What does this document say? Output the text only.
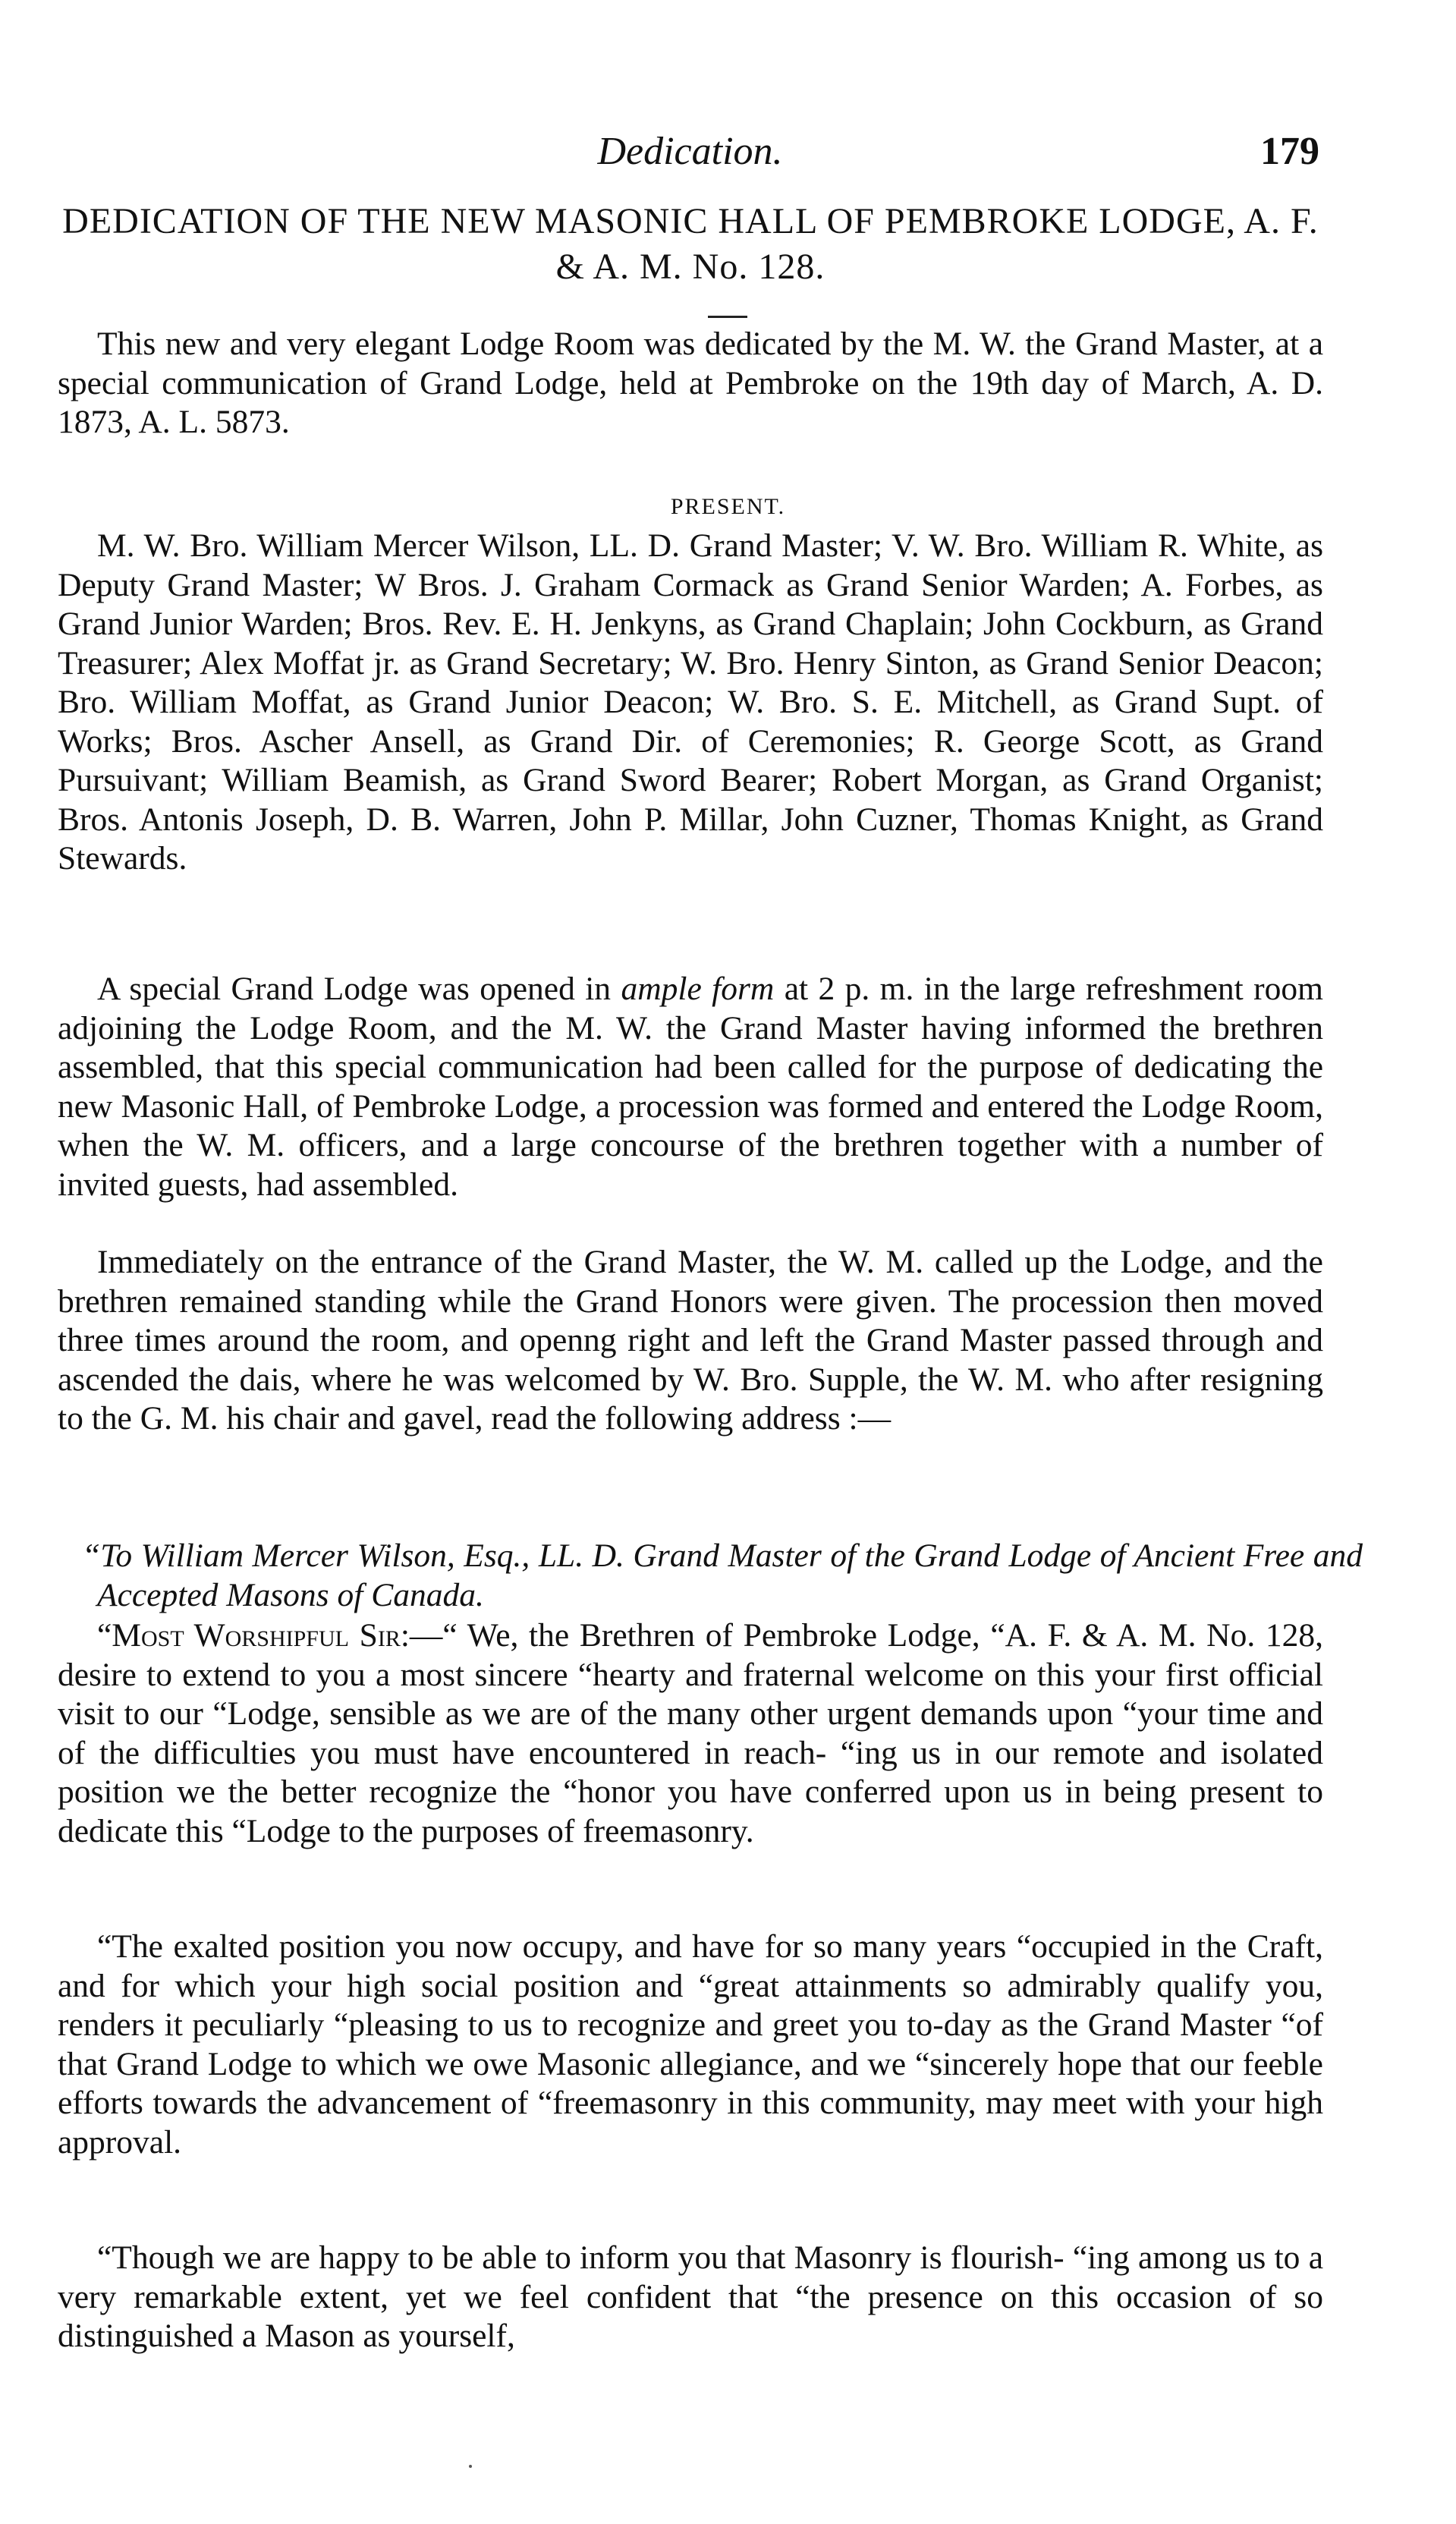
Dedication.	179
DEDICATION OF THE NEW MASONIC HALL OF PEMBROKE LODGE, A. F. & A. M. No. 128.
This new and very elegant Lodge Room was dedicated by the M. W. the Grand Master, at a special communication of Grand Lodge, held at Pembroke on the 19th day of March, A. D. 1873, A. L. 5873.
PRESENT.
M. W. Bro. William Mercer Wilson, LL. D. Grand Master; V. W. Bro. William R. White, as Deputy Grand Master; W Bros. J. Graham Cormack as Grand Senior Warden; A. Forbes, as Grand Junior Warden; Bros. Rev. E. H. Jenkyns, as Grand Chaplain; John Cockburn, as Grand Treasurer; Alex Moffat jr. as Grand Secretary; W. Bro. Henry Sinton, as Grand Senior Deacon; Bro. William Moffat, as Grand Junior Deacon; W. Bro. S. E. Mitchell, as Grand Supt. of Works; Bros. Ascher Ansell, as Grand Dir. of Ceremonies; R. George Scott, as Grand Pursuivant; William Beamish, as Grand Sword Bearer; Robert Morgan, as Grand Organist; Bros. Antonis Joseph, D. B. Warren, John P. Millar, John Cuzner, Thomas Knight, as Grand Stewards.
A special Grand Lodge was opened in ample form at 2 p. m. in the large refreshment room adjoining the Lodge Room, and the M. W. the Grand Master having informed the brethren assembled, that this special communication had been called for the purpose of dedicating the new Masonic Hall, of Pembroke Lodge, a procession was formed and entered the Lodge Room, when the W. M. officers, and a large concourse of the brethren together with a number of invited guests, had assembled.
Immediately on the entrance of the Grand Master, the W. M. called up the Lodge, and the brethren remained standing while the Grand Honors were given. The procession then moved three times around the room, and openng right and left the Grand Master passed through and ascended the dais, where he was welcomed by W. Bro. Supple, the W. M. who after resigning to the G. M. his chair and gavel, read the following address :—
“To William Mercer Wilson, Esq., LL. D. Grand Master of the Grand Lodge of Ancient Free and Accepted Masons of Canada.
“Most Worshipful Sir:—“ We, the Brethren of Pembroke Lodge, “A. F. & A. M. No. 128, desire to extend to you a most sincere “hearty and fraternal welcome on this your first official visit to our “Lodge, sensible as we are of the many other urgent demands upon “your time and of the difficulties you must have encountered in reach- “ing us in our remote and isolated position we the better recognize the “honor you have conferred upon us in being present to dedicate this “Lodge to the purposes of freemasonry.
“The exalted position you now occupy, and have for so many years “occupied in the Craft, and for which your high social position and “great attainments so admirably qualify you, renders it peculiarly “pleasing to us to recognize and greet you to-day as the Grand Master “of that Grand Lodge to which we owe Masonic allegiance, and we “sincerely hope that our feeble efforts towards the advancement of “freemasonry in this community, may meet with your high approval.
“Though we are happy to be able to inform you that Masonry is flourish- “ing among us to a very remarkable extent, yet we feel confident that “the presence on this occasion of so distinguished a Mason as yourself,
